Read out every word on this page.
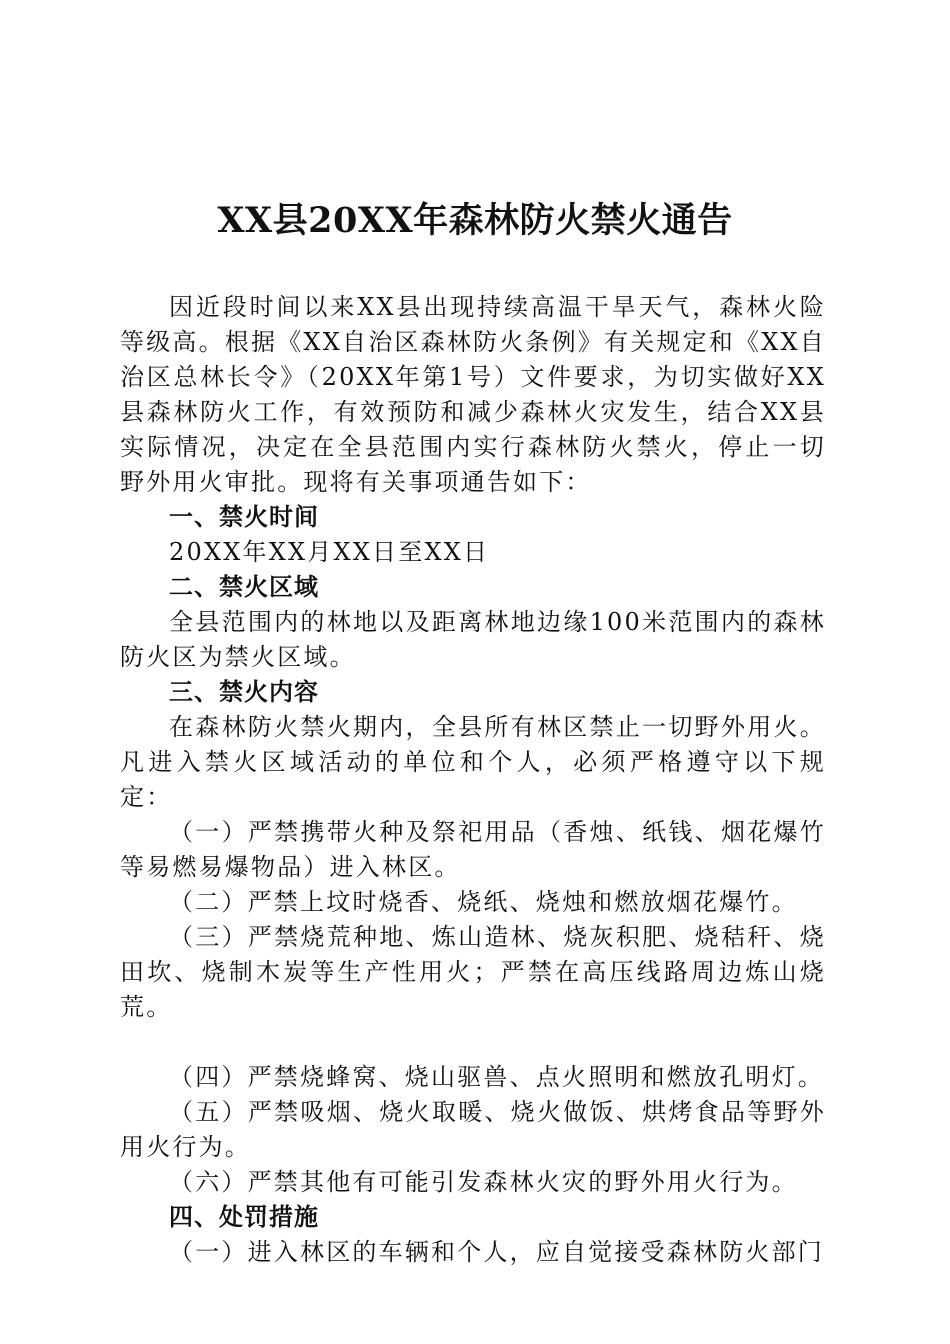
XX县20XX年森林防火禁火通告

因近段时间以来XX县出现持续高温干旱天气，森林火险等级高。根据《XX自治区森林防火条例》有关规定和《XX自治区总林长令》（20XX年第1号）文件要求，为切实做好XX县森林防火工作，有效预防和减少森林火灾发生，结合XX县实际情况，决定在全县范围内实行森林防火禁火，停止一切野外用火审批。现将有关事项通告如下：

一、禁火时间

20XX年XX月XX日至XX日

二、禁火区域

全县范围内的林地以及距离林地边缘100米范围内的森林防火区为禁火区域。

三、禁火内容

在森林防火禁火期内，全县所有林区禁止一切野外用火。凡进入禁火区域活动的单位和个人，必须严格遵守以下规定：

（一）严禁携带火种及祭祀用品（香烛、纸钱、烟花爆竹等易燃易爆物品）进入林区。

（二）严禁上坟时烧香、烧纸、烧烛和燃放烟花爆竹。

（三）严禁烧荒种地、炼山造林、烧灰积肥、烧秸秆、烧田坎、烧制木炭等生产性用火；严禁在高压线路周边炼山烧荒。

（四）严禁烧蜂窝、烧山驱兽、点火照明和燃放孔明灯。

（五）严禁吸烟、烧火取暖、烧火做饭、烘烤食品等野外用火行为。

（六）严禁其他有可能引发森林火灾的野外用火行为。

四、处罚措施

（一）进入林区的车辆和个人，应自觉接受森林防火部门
